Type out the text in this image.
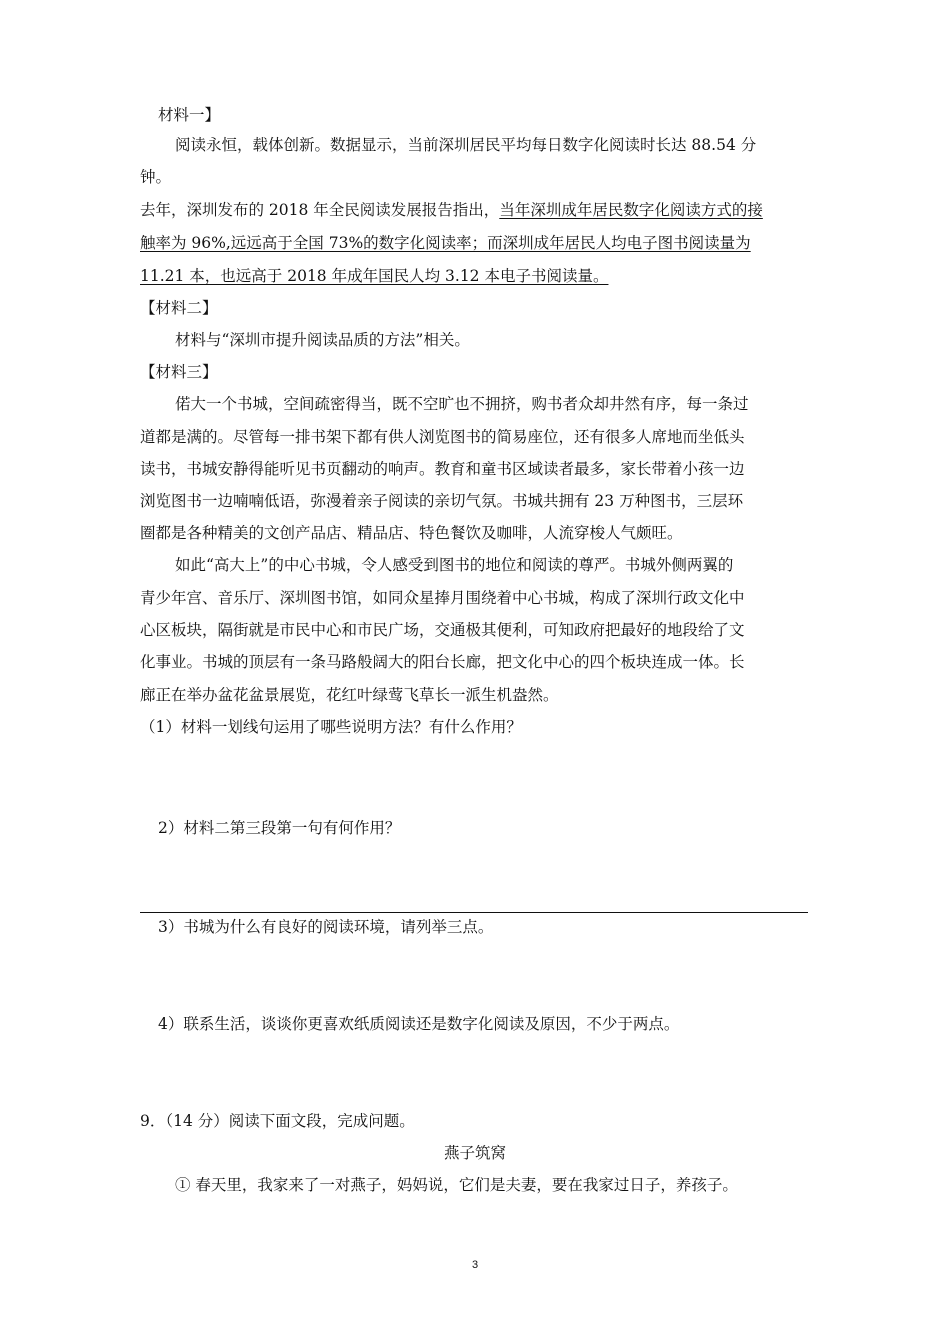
材料一】
阅读永恒，载体创新。数据显示，当前深圳居民平均每日数字化阅读时长达 88.54 分
钟。
去年，深圳发布的 2018 年全民阅读发展报告指出，当年深圳成年居民数字化阅读方式的接
触率为 96%,远远高于全国 73%的数字化阅读率；而深圳成年居民人均电子图书阅读量为
11.21 本，也远高于 2018 年成年国民人均 3.12 本电子书阅读量。
【材料二】
材料与“深圳市提升阅读品质的方法”相关。
【材料三】
偌大一个书城，空间疏密得当，既不空旷也不拥挤，购书者众却井然有序，每一条过
道都是满的。尽管每一排书架下都有供人浏览图书的简易座位，还有很多人席地而坐低头
读书，书城安静得能听见书页翻动的响声。教育和童书区域读者最多，家长带着小孩一边
浏览图书一边喃喃低语，弥漫着亲子阅读的亲切气氛。书城共拥有 23 万种图书，三层环
圈都是各种精美的文创产品店、精品店、特色餐饮及咖啡，人流穿梭人气颇旺。
如此“高大上”的中心书城，令人感受到图书的地位和阅读的尊严。书城外侧两翼的
青少年宫、音乐厅、深圳图书馆，如同众星捧月围绕着中心书城，构成了深圳行政文化中
心区板块，隔街就是市民中心和市民广场，交通极其便利，可知政府把最好的地段给了文
化事业。书城的顶层有一条马路般阔大的阳台长廊，把文化中心的四个板块连成一体。长
廊正在举办盆花盆景展览，花红叶绿莺飞草长一派生机盎然。
（1）材料一划线句运用了哪些说明方法？有什么作用？
2）材料二第三段第一句有何作用？
3）书城为什么有良好的阅读环境，请列举三点。
4）联系生活，谈谈你更喜欢纸质阅读还是数字化阅读及原因，不少于两点。
9．（14 分）阅读下面文段，完成问题。
燕子筑窝
① 春天里，我家来了一对燕子，妈妈说，它们是夫妻，要在我家过日子，养孩子。
3
